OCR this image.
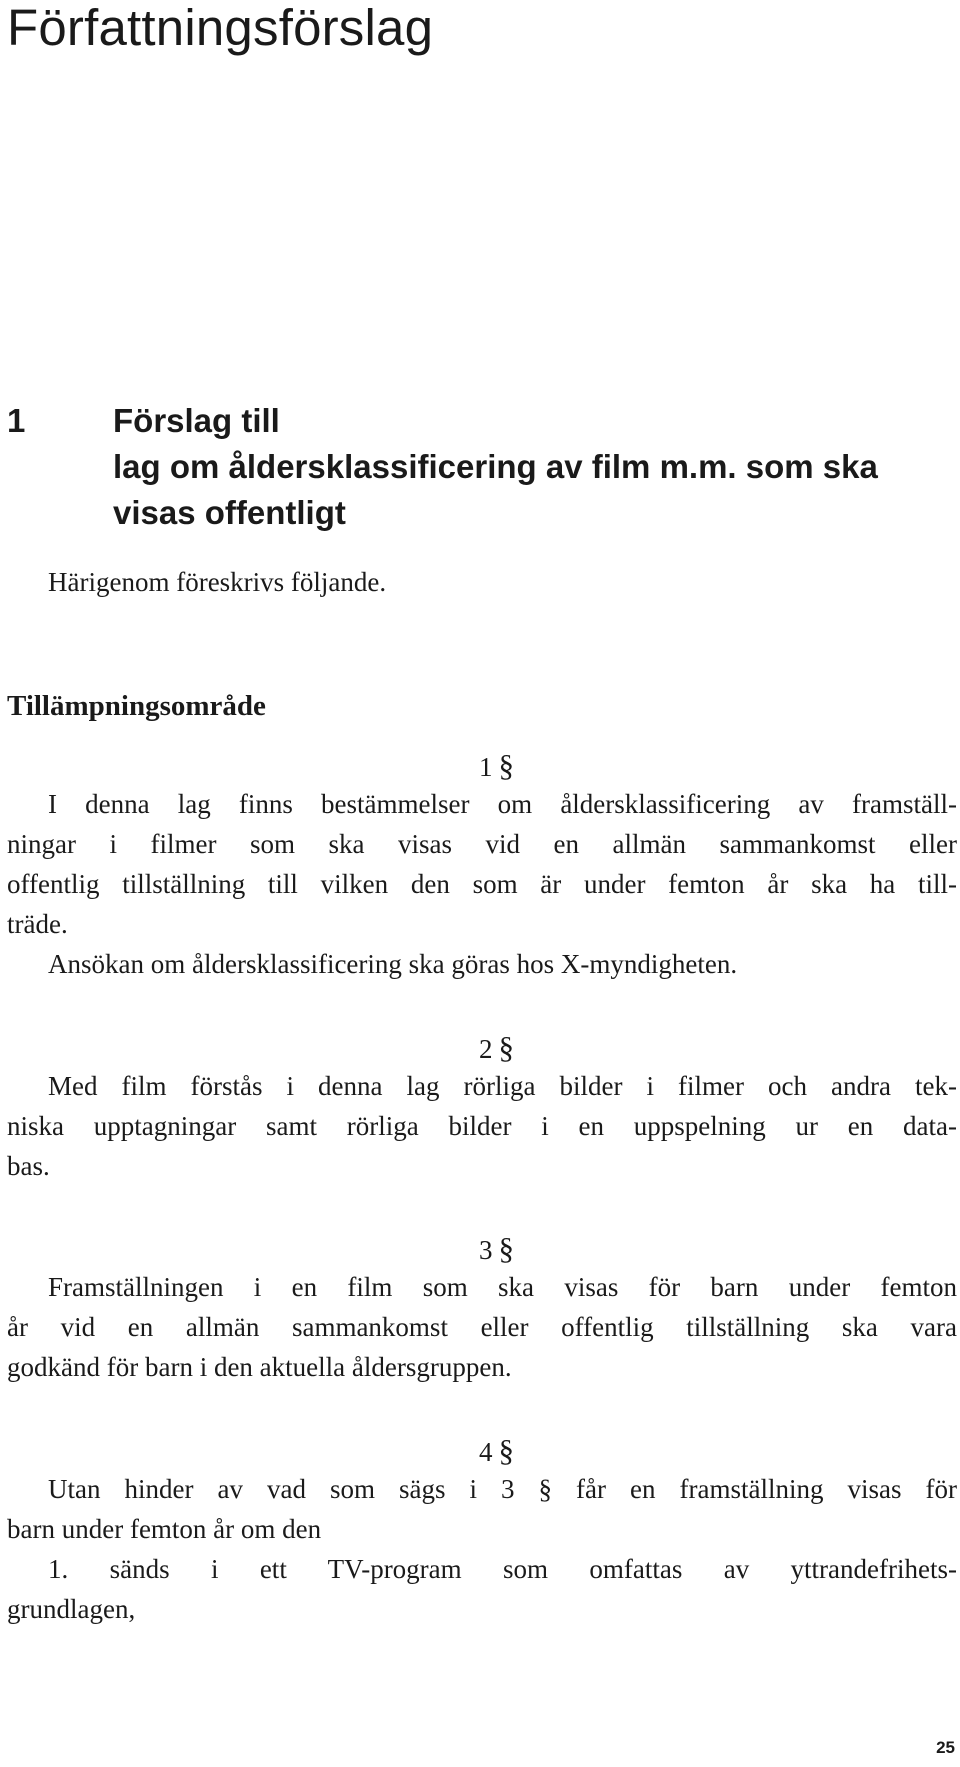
Författningsförslag
1	Förslag till
lag om åldersklassificering av film m.m. som ska
visas offentligt
Härigenom föreskrivs följande.
Tillämpningsområde
1 §
I denna lag finns bestämmelser om åldersklassificering av framställ-
ningar i filmer som ska visas vid en allmän sammankomst eller
offentlig tillställning till vilken den som är under femton år ska ha till-
träde.
Ansökan om åldersklassificering ska göras hos X-myndigheten.
2 §
Med film förstås i denna lag rörliga bilder i filmer och andra tek-
niska upptagningar samt rörliga bilder i en uppspelning ur en data-
bas.
3 §
Framställningen i en film som ska visas för barn under femton
år vid en allmän sammankomst eller offentlig tillställning ska vara
godkänd för barn i den aktuella åldersgruppen.
4 §
Utan hinder av vad som sägs i 3 § får en framställning visas för
barn under femton år om den
1. sänds i ett TV-program som omfattas av yttrandefrihets-
grundlagen,
25
